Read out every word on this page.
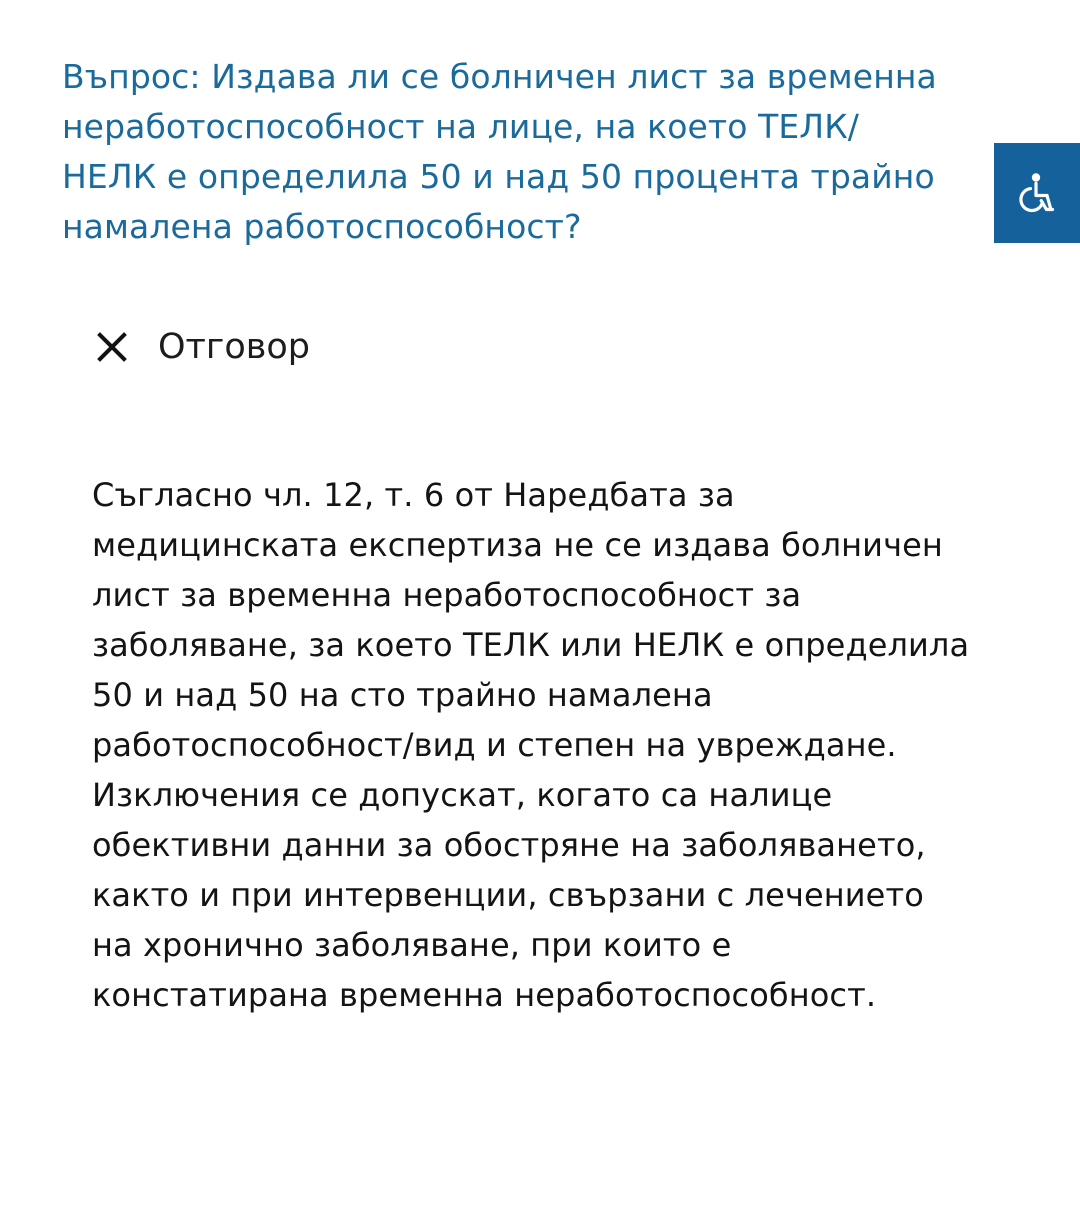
Въпрос: Издава ли се болничен лист за временна неработоспособност на лице, на което ТЕЛК/НЕЛК е определила 50 и над 50 процента трайно намалена работоспособност?
Отговор
Съгласно чл. 12, т. 6 от Наредбата за медицинската експертиза не се издава болничен лист за временна неработоспособност за заболяване, за което ТЕЛК или НЕЛК е определила 50 и над 50 на сто трайно намалена работоспособност/вид и степен на увреждане. Изключения се допускат, когато са налице обективни данни за обостряне на заболяването, както и при интервенции, свързани с лечението на хронично заболяване, при които е констатирана временна неработоспособност.
